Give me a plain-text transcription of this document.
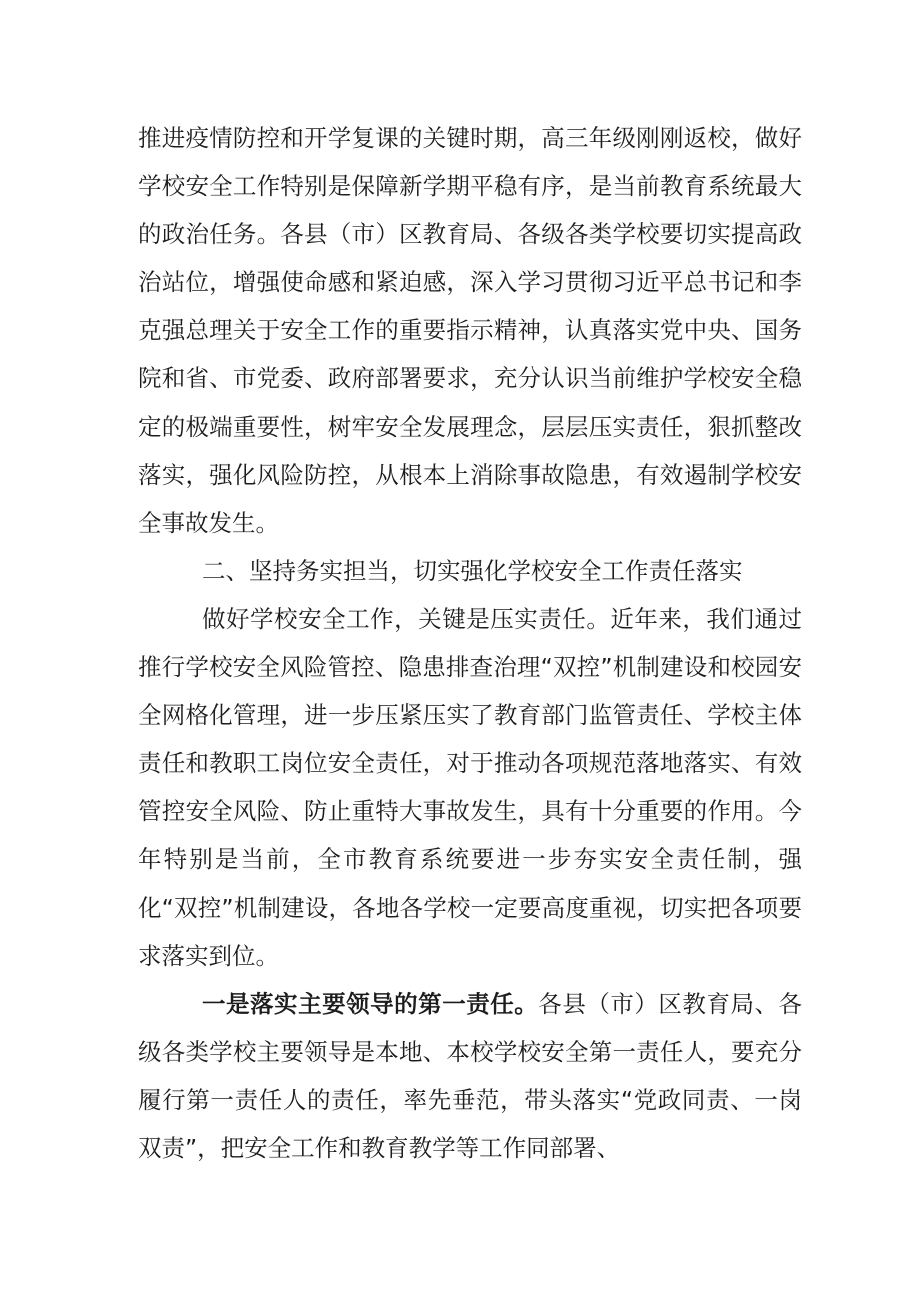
推进疫情防控和开学复课的关键时期，高三年级刚刚返校，做好学校安全工作特别是保障新学期平稳有序，是当前教育系统最大的政治任务。各县（市）区教育局、各级各类学校要切实提高政治站位，增强使命感和紧迫感，深入学习贯彻习近平总书记和李克强总理关于安全工作的重要指示精神，认真落实党中央、国务院和省、市党委、政府部署要求，充分认识当前维护学校安全稳定的极端重要性，树牢安全发展理念，层层压实责任，狠抓整改落实，强化风险防控，从根本上消除事故隐患，有效遏制学校安全事故发生。

二、坚持务实担当，切实强化学校安全工作责任落实

做好学校安全工作，关键是压实责任。近年来，我们通过推行学校安全风险管控、隐患排查治理“双控”机制建设和校园安全网格化管理，进一步压紧压实了教育部门监管责任、学校主体责任和教职工岗位安全责任，对于推动各项规范落地落实、有效管控安全风险、防止重特大事故发生，具有十分重要的作用。今年特别是当前，全市教育系统要进一步夯实安全责任制，强化“双控”机制建设，各地各学校一定要高度重视，切实把各项要求落实到位。

一是落实主要领导的第一责任。各县（市）区教育局、各级各类学校主要领导是本地、本校学校安全第一责任人，要充分履行第一责任人的责任，率先垂范，带头落实“党政同责、一岗双责”，把安全工作和教育教学等工作同部署、
